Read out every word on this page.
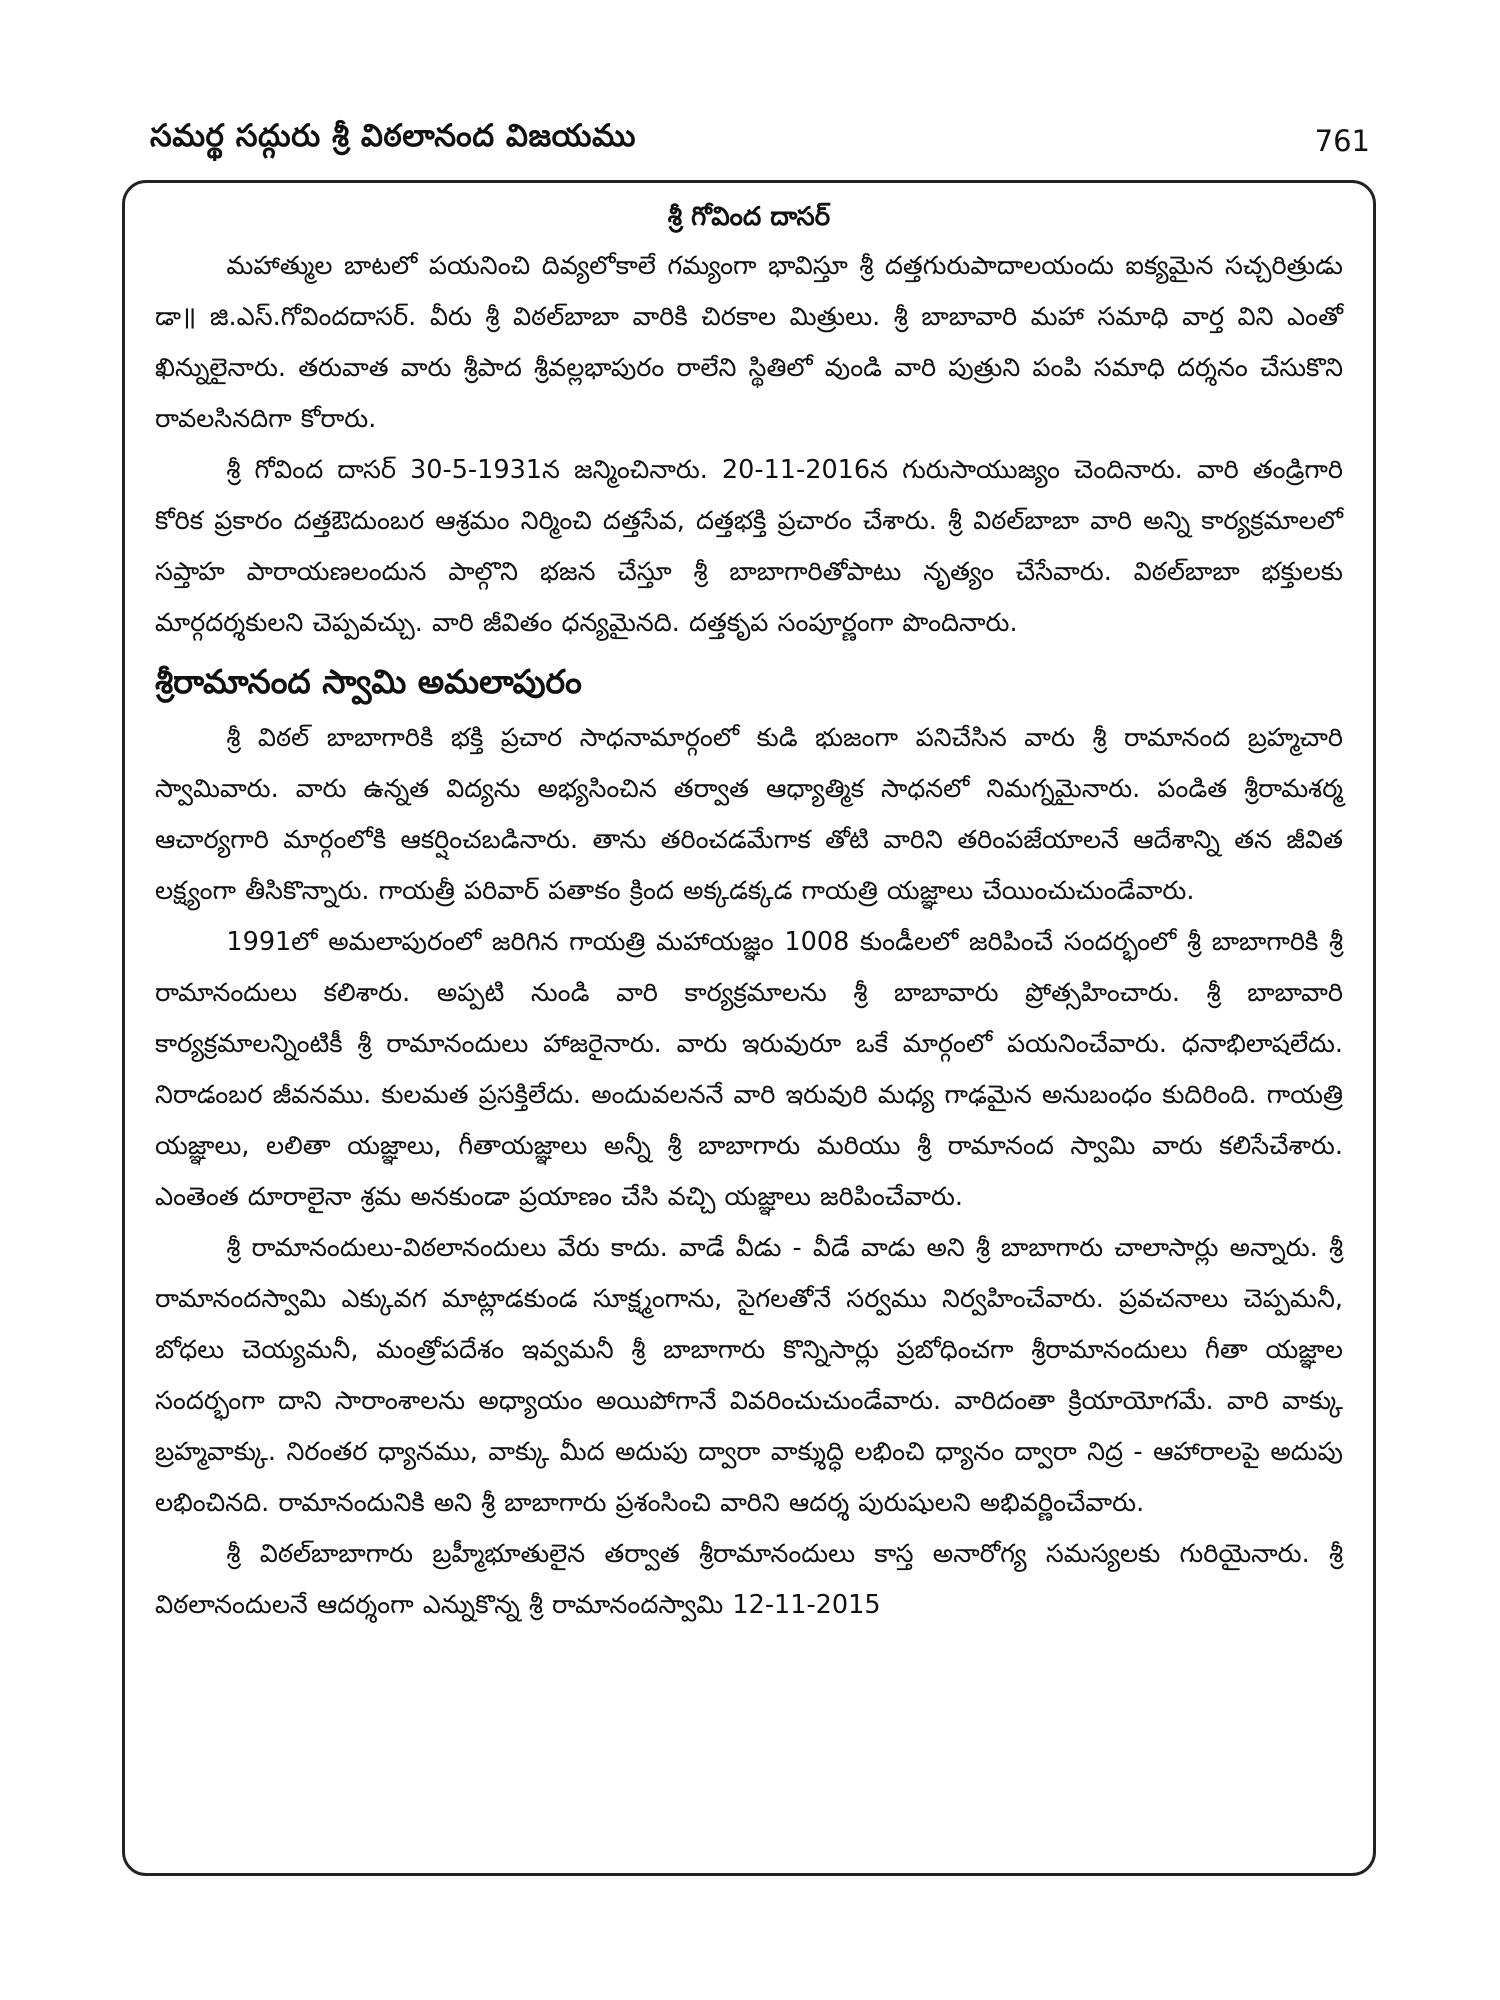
సమర్థ సద్గురు శ్రీ విఠలానంద విజయము	761
శ్రీ గోవింద దాసర్

మహాత్ముల బాటలో పయనించి దివ్యలోకాలే గమ్యంగా భావిస్తూ శ్రీ దత్తగురుపాదాలయందు ఐక్యమైన సచ్చరిత్రుడు డా॥ జి.ఎస్.గోవిందదాసర్. వీరు శ్రీ విఠల్‌బాబా వారికి చిరకాల మిత్రులు. శ్రీ బాబావారి మహా సమాధి వార్త విని ఎంతో ఖిన్నులైనారు. తరువాత వారు శ్రీపాద శ్రీవల్లభాపురం రాలేని స్థితిలో వుండి వారి పుత్రుని పంపి సమాధి దర్శనం చేసుకొని రావలసినదిగా కోరారు.

శ్రీ గోవింద దాసర్ 30-5-1931న జన్మించినారు. 20-11-2016న గురుసాయుజ్యం చెందినారు. వారి తండ్రిగారి కోరిక ప్రకారం దత్తఔదుంబర ఆశ్రమం నిర్మించి దత్తసేవ, దత్తభక్తి ప్రచారం చేశారు. శ్రీ విఠల్‌బాబా వారి అన్ని కార్యక్రమాలలో సప్తాహ పారాయణలందున పాల్గొని భజన చేస్తూ శ్రీ బాబాగారితోపాటు నృత్యం చేసేవారు. విఠల్‌బాబా భక్తులకు మార్గదర్శకులని చెప్పవచ్చు. వారి జీవితం ధన్యమైనది. దత్తకృప సంపూర్ణంగా పొందినారు.

శ్రీరామానంద స్వామి అమలాపురం

శ్రీ విఠల్ బాబాగారికి భక్తి ప్రచార సాధనామార్గంలో కుడి భుజంగా పనిచేసిన వారు శ్రీ రామానంద బ్రహ్మచారి స్వామివారు. వారు ఉన్నత విద్యను అభ్యసించిన తర్వాత ఆధ్యాత్మిక సాధనలో నిమగ్నమైనారు. పండిత శ్రీరామశర్మ ఆచార్యగారి మార్గంలోకి ఆకర్షించబడినారు. తాను తరించడమేగాక తోటి వారిని తరింపజేయాలనే ఆదేశాన్ని తన జీవిత లక్ష్యంగా తీసికొన్నారు. గాయత్రీ పరివార్ పతాకం క్రింద అక్కడక్కడ గాయత్రి యజ్ఞాలు చేయించుచుండేవారు.

1991లో అమలాపురంలో జరిగిన గాయత్రి మహాయజ్ఞం 1008 కుండీలలో జరిపించే సందర్భంలో శ్రీ బాబాగారికి శ్రీ రామానందులు కలిశారు. అప్పటి నుండి వారి కార్యక్రమాలను శ్రీ బాబావారు ప్రోత్సహించారు. శ్రీ బాబావారి కార్యక్రమాలన్నింటికీ శ్రీ రామానందులు హాజరైనారు. వారు ఇరువురూ ఒకే మార్గంలో పయనించేవారు. ధనాభిలాషలేదు. నిరాడంబర జీవనము. కులమత ప్రసక్తిలేదు. అందువలననే వారి ఇరువురి మధ్య గాఢమైన అనుబంధం కుదిరింది. గాయత్రి యజ్ఞాలు, లలితా యజ్ఞాలు, గీతాయజ్ఞాలు అన్నీ శ్రీ బాబాగారు మరియు శ్రీ రామానంద స్వామి వారు కలిసేచేశారు. ఎంతెంత దూరాలైనా శ్రమ అనకుండా ప్రయాణం చేసి వచ్చి యజ్ఞాలు జరిపించేవారు.

శ్రీ రామానందులు-విఠలానందులు వేరు కాదు. వాడే వీడు - వీడే వాడు అని శ్రీ బాబాగారు చాలాసార్లు అన్నారు. శ్రీ రామానందస్వామి ఎక్కువగ మాట్లాడకుండ సూక్ష్మంగాను, సైగలతోనే సర్వము నిర్వహించేవారు. ప్రవచనాలు చెప్పమనీ, బోధలు చెయ్యమనీ, మంత్రోపదేశం ఇవ్వమనీ శ్రీ బాబాగారు కొన్నిసార్లు ప్రబోధించగా శ్రీరామానందులు గీతా యజ్ఞాల సందర్భంగా దాని సారాంశాలను అధ్యాయం అయిపోగానే వివరించుచుండేవారు. వారిదంతా క్రియాయోగమే. వారి వాక్కు బ్రహ్మవాక్కు. నిరంతర ధ్యానము, వాక్కు మీద అదుపు ద్వారా వాక్శుద్ధి లభించి ధ్యానం ద్వారా నిద్ర - ఆహారాలపై అదుపు లభించినది. రామానందునికి అని శ్రీ బాబాగారు ప్రశంసించి వారిని ఆదర్శ పురుషులని అభివర్ణించేవారు.

శ్రీ విఠల్‌బాబాగారు బ్రహ్మీభూతులైన తర్వాత శ్రీరామానందులు కాస్త అనారోగ్య సమస్యలకు గురియైనారు. శ్రీ విఠలానందులనే ఆదర్శంగా ఎన్నుకొన్న శ్రీ రామానందస్వామి 12-11-2015
